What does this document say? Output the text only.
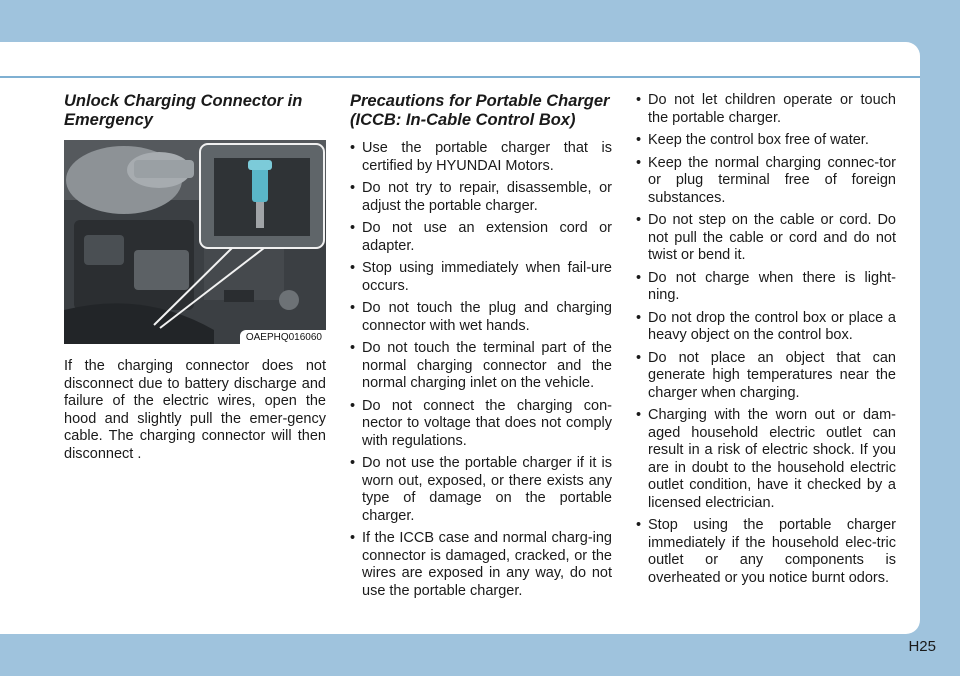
Unlock Charging Connector in Emergency
OAEPHQ016060

If the charging connector does not disconnect due to battery discharge and failure of the electric wires, open the hood and slightly pull the emer-gency cable. The charging connector will then disconnect .

Precautions for Portable Charger (ICCB: In-Cable Control Box)
• Use the portable charger that is certified by HYUNDAI Motors.
• Do not try to repair, disassemble, or adjust the portable charger.
• Do not use an extension cord or adapter.
• Stop using immediately when fail-ure occurs.
• Do not touch the plug and charging connector with wet hands.
• Do not touch the terminal part of the normal charging connector and the normal charging inlet on the vehicle.
• Do not connect the charging con-nector to voltage that does not comply with regulations.
• Do not use the portable charger if it is worn out, exposed, or there exists any type of damage on the portable charger.
• If the ICCB case and normal charg-ing connector is damaged, cracked, or the wires are exposed in any way, do not use the portable charger.
• Do not let children operate or touch the portable charger.
• Keep the control box free of water.
• Keep the normal charging connec-tor or plug terminal free of foreign substances.
• Do not step on the cable or cord. Do not pull the cable or cord and do not twist or bend it.
• Do not charge when there is light-ning.
• Do not drop the control box or place a heavy object on the control box.
• Do not place an object that can generate high temperatures near the charger when charging.
• Charging with the worn out or dam-aged household electric outlet can result in a risk of electric shock. If you are in doubt to the household electric outlet condition, have it checked by a licensed electrician.
• Stop using the portable charger immediately if the household elec-tric outlet or any components is overheated or you notice burnt odors.
H25
